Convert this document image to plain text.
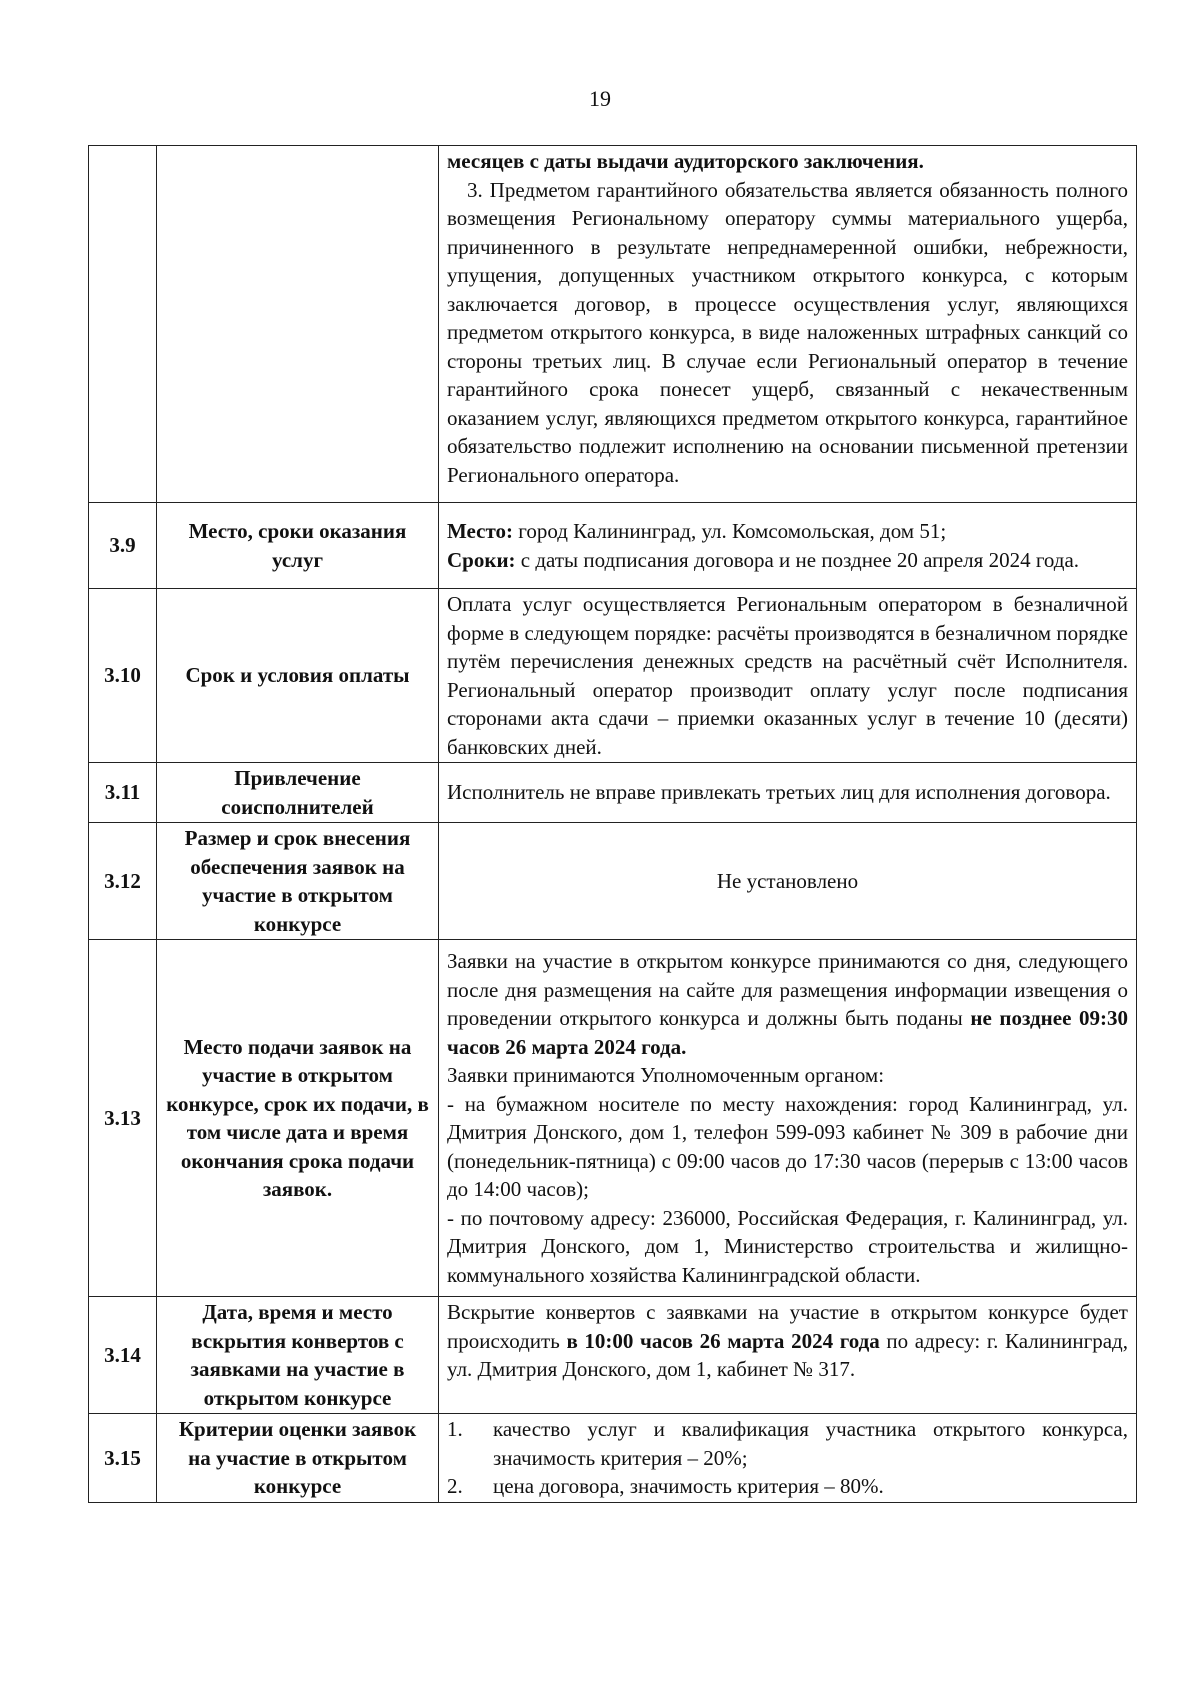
19

		месяцев с даты выдачи аудиторского заключения.

3. Предметом гарантийного обязательства является обязанность полного возмещения Региональному оператору суммы материального ущерба, причиненного в результате непреднамеренной ошибки, небрежности, упущения, допущенных участником открытого конкурса, с которым заключается договор, в процессе осуществления услуг, являющихся предметом открытого конкурса, в виде наложенных штрафных санкций со стороны третьих лиц. В случае если Региональный оператор в течение гарантийного срока понесет ущерб, связанный с некачественным оказанием услуг, являющихся предметом открытого конкурса, гарантийное обязательство подлежит исполнению на основании письменной претензии Регионального оператора.

3.9	Место, сроки оказания услуг	Место: город Калининград, ул. Комсомольская, дом 51;

Сроки: с даты подписания договора и не позднее 20 апреля 2024 года.

3.10	Срок и условия оплаты	Оплата услуг осуществляется Региональным оператором в безналичной форме в следующем порядке: расчёты производятся в безналичном порядке путём перечисления денежных средств на расчётный счёт Исполнителя. Региональный оператор производит оплату услуг после подписания сторонами акта сдачи – приемки оказанных услуг в течение 10 (десяти) банковских дней.
3.11	Привлечение соисполнителей	Исполнитель не вправе привлекать третьих лиц для исполнения договора.
3.12	Размер и срок внесения обеспечения заявок на участие в открытом конкурсе	Не установлено
3.13	Место подачи заявок на участие в открытом конкурсе, срок их подачи, в том числе дата и время окончания срока подачи заявок.	Заявки на участие в открытом конкурсе принимаются со дня, следующего после дня размещения на сайте для размещения информации извещения о проведении открытого конкурса и должны быть поданы не позднее 09:30 часов 26 марта 2024 года.

Заявки принимаются Уполномоченным органом:

- на бумажном носителе по месту нахождения: город Калининград, ул. Дмитрия Донского, дом 1, телефон 599-093 кабинет № 309 в рабочие дни (понедельник-пятница) с 09:00 часов до 17:30 часов (перерыв с 13:00 часов до 14:00 часов);

- по почтовому адресу: 236000, Российская Федерация, г. Калининград, ул. Дмитрия Донского, дом 1, Министерство строительства и жилищно-коммунального хозяйства Калининградской области.

3.14	Дата, время и место вскрытия конвертов с заявками на участие в открытом конкурсе	Вскрытие конвертов с заявками на участие в открытом конкурсе будет происходить в 10:00 часов 26 марта 2024 года по адресу: г. Калининград, ул. Дмитрия Донского, дом 1, кабинет № 317.
3.15	Критерии оценки заявок на участие в открытом конкурсе	1. качество услуг и квалификация участника открытого конкурса, значимость критерия – 20%;
2. цена договора, значимость критерия – 80%.
